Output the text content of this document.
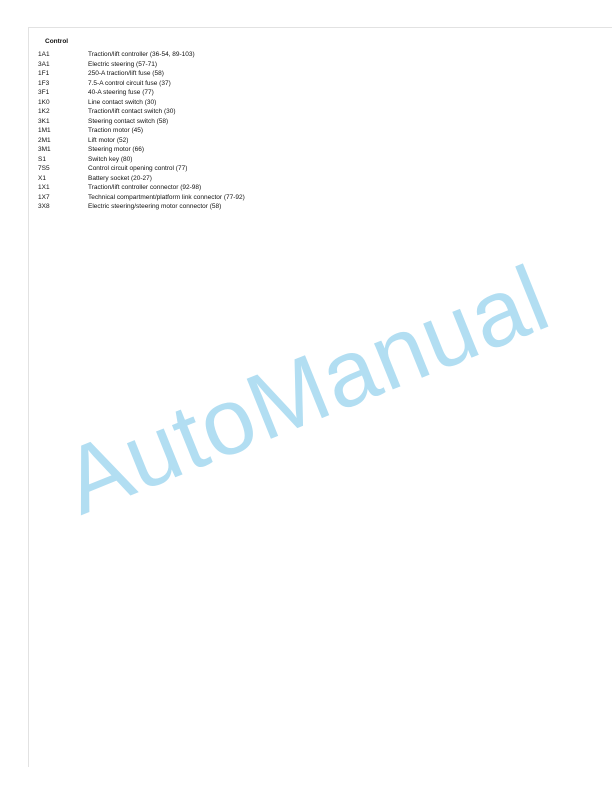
Control
1A1	Traction/lift controller (36-54, 89-103)
3A1	Electric steering (57-71)
1F1	250-A traction/lift fuse (58)
1F3	7.5-A control circuit fuse (37)
3F1	40-A steering fuse (77)
1K0	Line contact switch (30)
1K2	Traction/lift contact switch (30)
3K1	Steering contact switch (58)
1M1	Traction motor (45)
2M1	Lift motor (52)
3M1	Steering motor (66)
S1	Switch key (80)
7S5	Control circuit opening control (77)
X1	Battery socket (20-27)
1X1	Traction/lift controller connector (92-98)
1X7	Technical compartment/platform link connector (77-92)
3X8	Electric steering/steering motor connector (58)
AutoManual
